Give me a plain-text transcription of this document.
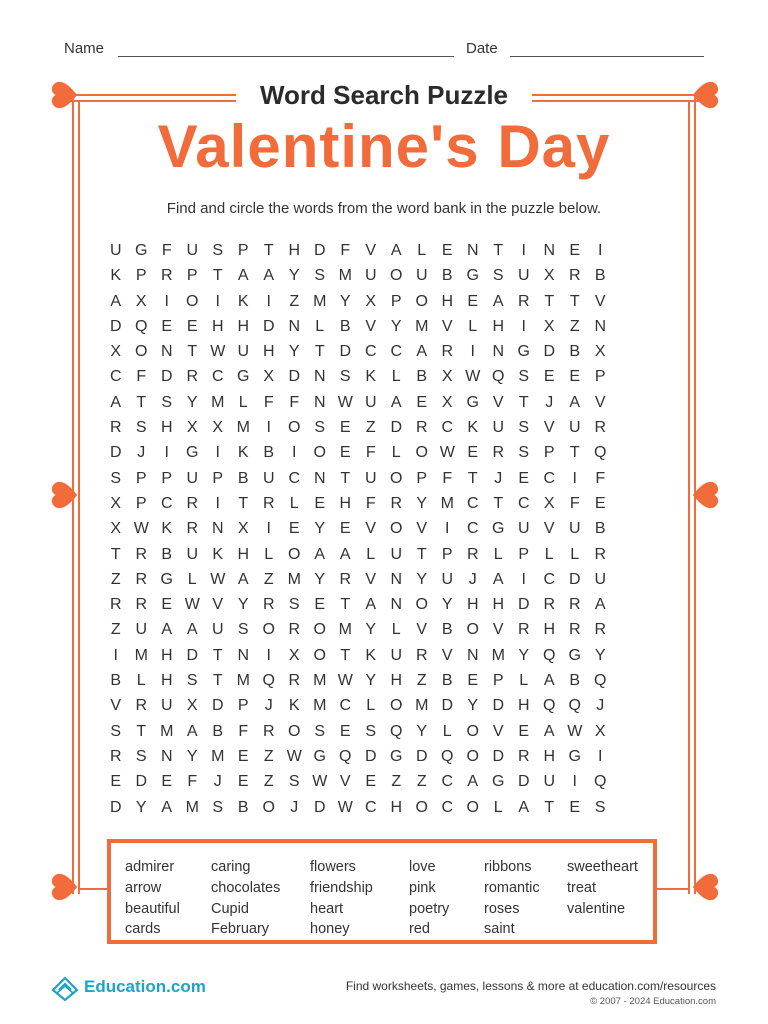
Name	Date
Word Search Puzzle
Valentine's Day
Find and circle the words from the word bank in the puzzle below.
U G F U S P T H D F V A L E N T	I	N E	I
K P R P T A A Y S M U O U B G S U X R B
A X	I	O	I	K	I	Z M Y X P O H E A R T T V
D Q E E H H D N L B V Y M V L H	I	X Z N
X O N T W U H Y T D C C A R	I	N G D B X
C F D R C G X D N S K L B X W Q S E E P
A T S Y M L	F F N W U A E X G V T	J	A V
R S H X X M	I	O S E Z D R C K U S V U R
D J	I	G	I	K B	I	O E F	L O W E R S P T Q
S P P U P B U C N T U O P F T	J	E C	I	F
X P C R	I	T R L E H F R Y M C T C X F E
X W K R N X	I	E Y E V O V	I	C G U V U B
T R B U K H L O A A L U T P R L P L	L R
Z R G L W A Z M Y R V N Y U J	A	I	C D U
R R E W V Y R S E T A N O Y H H D R R A
Z U A A U S O R O M Y L V B O V R H R R
I	M H D T N	I	X O T K U R V N M Y Q G Y
B L H S T M Q R M W Y H Z B E P L A B Q
V R U X D P	J	K M C L O M D Y D H Q Q J
S T M A B F R O S E S Q Y L O V E A W X
R S N Y M E Z W G Q D G D Q O D R H G	I
E D E F	J	E Z S W V E Z Z C A G D U	I	Q
D Y A M S B O J D W C H O C O L A T E S
admirer
arrow
beautiful
cards
caring
chocolates
Cupid
February
flowers
friendship
heart
honey
love
pink
poetry
red
ribbons
romantic
roses
saint
sweetheart
treat
valentine
Education.com	Find worksheets, games, lessons & more at education.com/resources
© 2007 - 2024 Education.com
